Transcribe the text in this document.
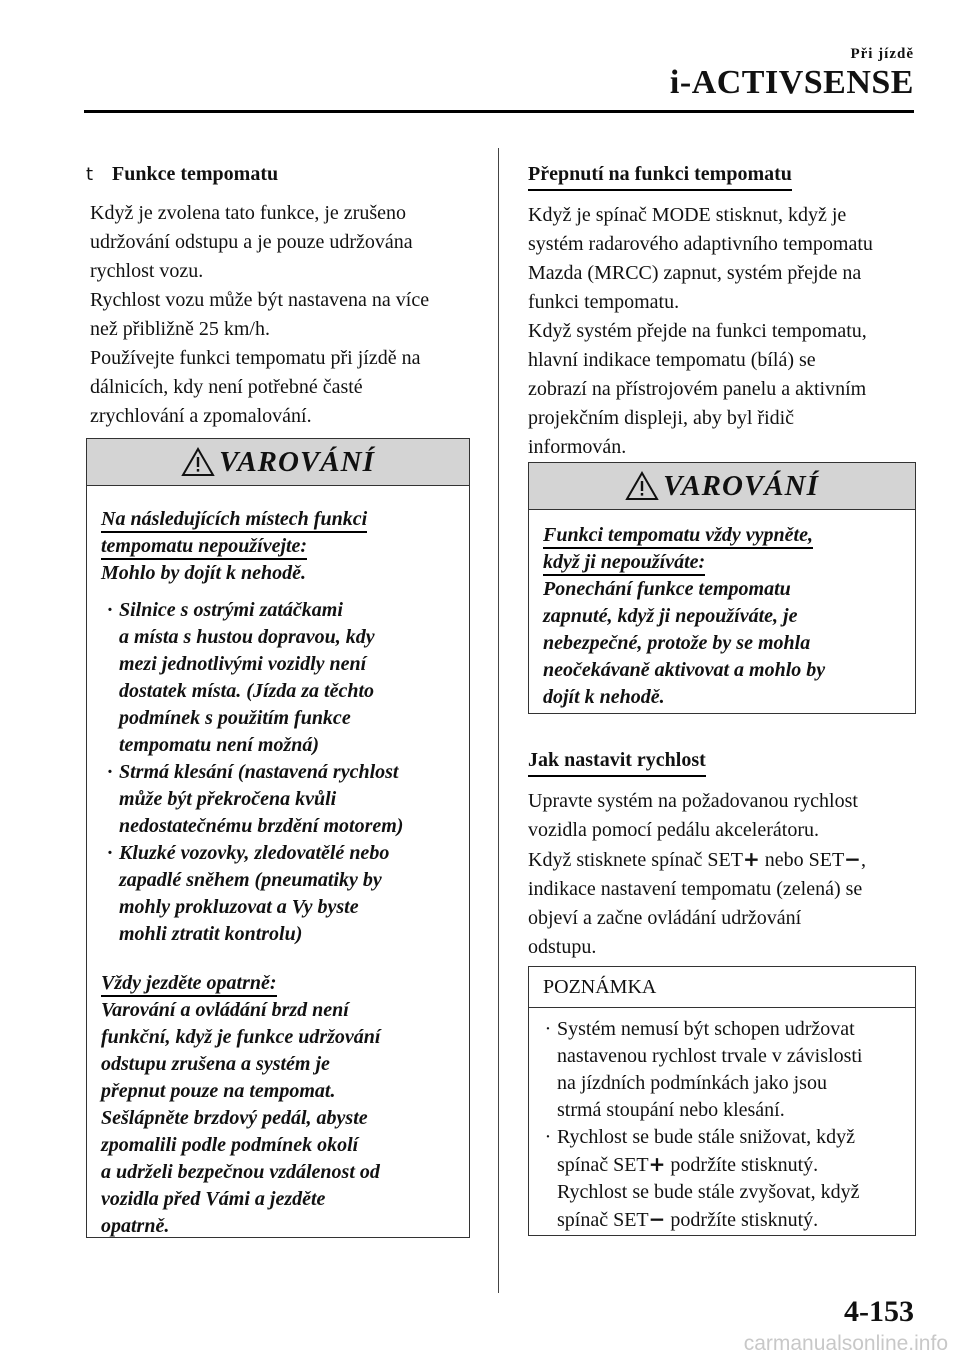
Při jízdě
i-ACTIVSENSE

t Funkce tempomatu

Když je zvolena tato funkce, je zrušeno
udržování odstupu a je pouze udržována
rychlost vozu.
Rychlost vozu může být nastavena na více
než přibližně 25 km/h.
Používejte funkci tempomatu při jízdě na
dálnicích, kdy není potřebné časté
zrychlování a zpomalování.
VAROVÁNÍ
Na následujících místech funkci
tempomatu nepoužívejte:
Mohlo by dojít k nehodě.
· Silnice s ostrými zatáčkami
a místa s hustou dopravou, kdy
mezi jednotlivými vozidly není
dostatek místa. (Jízda za těchto
podmínek s použitím funkce
tempomatu není možná)
· Strmá klesání (nastavená rychlost
může být překročena kvůli
nedostatečnému brzdění motorem)
· Kluzké vozovky, zledovatělé nebo
zapadlé sněhem (pneumatiky by
mohly prokluzovat a Vy byste
mohli ztratit kontrolu)
Vždy jezděte opatrně:
Varování a ovládání brzd není
funkční, když je funkce udržování
odstupu zrušena a systém je
přepnut pouze na tempomat.
Sešlápněte brzdový pedál, abyste
zpomalili podle podmínek okolí
a udrželi bezpečnou vzdálenost od
vozidla před Vámi a jezděte
opatrně.
Přepnutí na funkci tempomatu
Když je spínač MODE stisknut, když je
systém radarového adaptivního tempomatu
Mazda (MRCC) zapnut, systém přejde na
funkci tempomatu.
Když systém přejde na funkci tempomatu,
hlavní indikace tempomatu (bílá) se
zobrazí na přístrojovém panelu a aktivním
projekčním displeji, aby byl řidič
informován.
VAROVÁNÍ
Funkci tempomatu vždy vypněte,
když ji nepoužíváte:
Ponechání funkce tempomatu
zapnuté, když ji nepoužíváte, je
nebezpečné, protože by se mohla
neočekávaně aktivovat a mohlo by
dojít k nehodě.
Jak nastavit rychlost
Upravte systém na požadovanou rychlost
vozidla pomocí pedálu akcelerátoru.
Když stisknete spínač SET+ nebo SET−,
indikace nastavení tempomatu (zelená) se
objeví a začne ovládání udržování
odstupu.
POZNÁMKA
· Systém nemusí být schopen udržovat
nastavenou rychlost trvale v závislosti
na jízdních podmínkách jako jsou
strmá stoupání nebo klesání.
· Rychlost se bude stále snižovat, když
spínač SET+ podržíte stisknutý.
Rychlost se bude stále zvyšovat, když
spínač SET− podržíte stisknutý.
4-153
carmanualsonline.info
